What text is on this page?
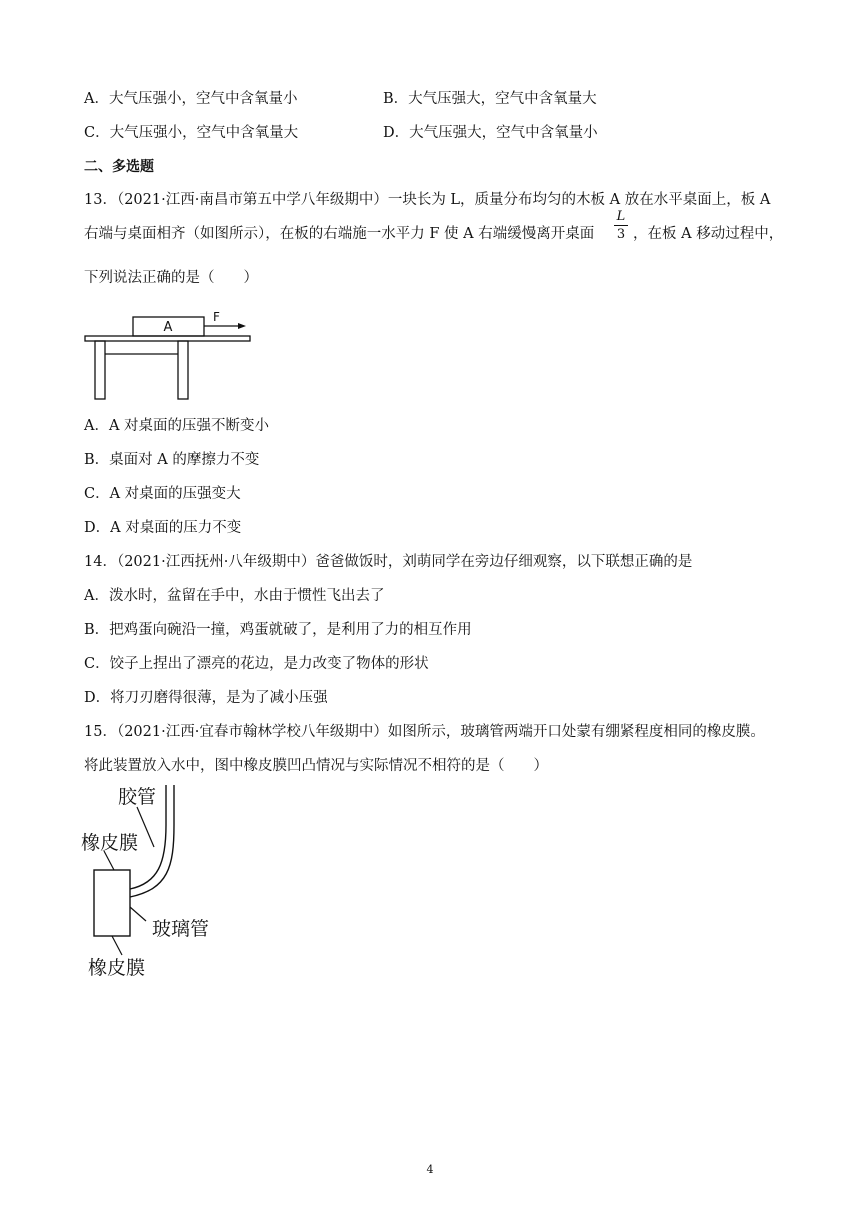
A．大气压强小，空气中含氧量小	B．大气压强大，空气中含氧量大
C．大气压强小，空气中含氧量大	D．大气压强大，空气中含氧量小
二、多选题
13．（2021·江西·南昌市第五中学八年级期中）一块长为 L，质量分布均匀的木板 A 放在水平桌面上，板 A
右端与桌面相齐（如图所示），在板的右端施一水平力 F 使 A 右端缓慢离开桌面
L
3 ，在板 A 移动过程中，
下列说法正确的是（　　）
A
F
A．A 对桌面的压强不断变小
B．桌面对 A 的摩擦力不变
C．A 对桌面的压强变大
D．A 对桌面的压力不变
14．（2021·江西抚州·八年级期中）爸爸做饭时，刘萌同学在旁边仔细观察，以下联想正确的是
A．泼水时，盆留在手中，水由于惯性飞出去了
B．把鸡蛋向碗沿一撞，鸡蛋就破了，是利用了力的相互作用
C．饺子上捏出了漂亮的花边，是力改变了物体的形状
D．将刀刃磨得很薄，是为了减小压强
15．（2021·江西·宜春市翰林学校八年级期中）如图所示，玻璃管两端开口处蒙有绷紧程度相同的橡皮膜。
将此装置放入水中，图中橡皮膜凹凸情况与实际情况不相符的是（　　）
胶管
橡皮膜
玻璃管
橡皮膜
4
